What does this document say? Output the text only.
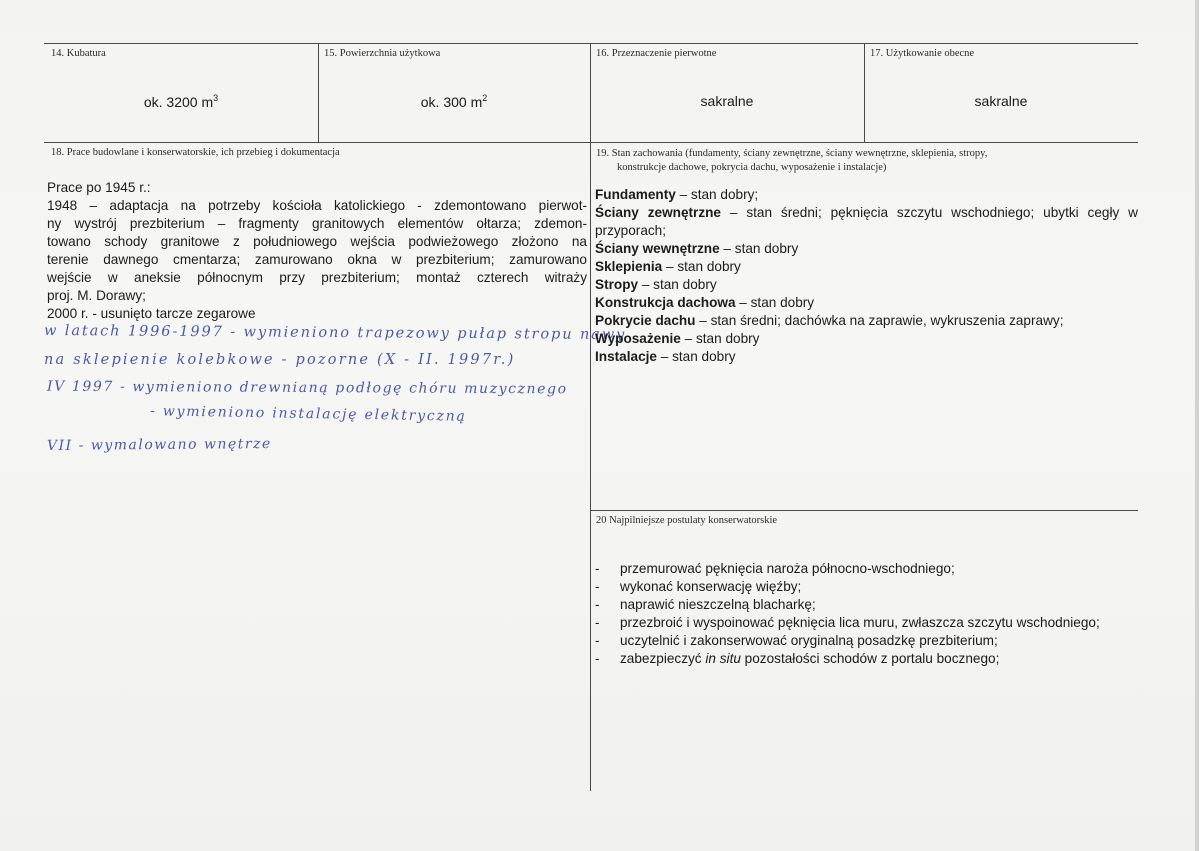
14. Kubatura
ok. 3200 $m^3$
15. Powierzchnia użytkowa
ok. 300 $m^2$
16. Przeznaczenie pierwotne
sakralne
17. Użytkowanie obecne
sakralne
18. Prace budowlane i konserwatorskie, ich przebieg i dokumentacja
Prace po 1945 r.:
1948 – adaptacja na potrzeby kościoła katolickiego - zdemontowano pierwot-
ny wystrój prezbiterium – fragmenty granitowych elementów ołtarza; zdemon-
towano schody granitowe z południowego wejścia podwieżowego złożono na
terenie dawnego cmentarza; zamurowano okna w prezbiterium; zamurowano
wejście w aneksie północnym przy prezbiterium; montaż czterech witraży
proj. M. Dorawy;
2000 r. - usunięto tarcze zegarowe
w latach 1996-1997 - wymieniono trapezowy pułap stropu nawy
na sklepienie kolebkowe - pozorne (X - II. 1997r.)
IV 1997 - wymieniono drewnianą podłogę chóru muzycznego
- wymieniono instalację elektryczną
VII - wymalowano wnętrze
19. Stan zachowania (fundamenty, ściany zewnętrzne, ściany wewnętrzne, sklepienia, stropy,
konstrukcje dachowe, pokrycia dachu, wyposażenie i instalacje)
Fundamenty – stan dobry;
Ściany zewnętrzne – stan średni; pęknięcia szczytu wschodniego; ubytki cegły w przyporach;
Ściany wewnętrzne – stan dobry
Sklepienia – stan dobry
Stropy – stan dobry
Konstrukcja dachowa – stan dobry
Pokrycie dachu – stan średni; dachówka na zaprawie, wykruszenia zaprawy;
Wyposażenie – stan dobry
Instalacje – stan dobry
20 Najpilniejsze postulaty konserwatorskie
- przemurować pęknięcia naroża północno-wschodniego;
- wykonać konserwację więźby;
- naprawić nieszczelną blacharkę;
- przezbroić i wyspoinować pęknięcia lica muru, zwłaszcza szczytu wschodniego;
- uczytelnić i zakonserwować oryginalną posadzkę prezbiterium;
- zabezpieczyć in situ pozostałości schodów z portalu bocznego;
